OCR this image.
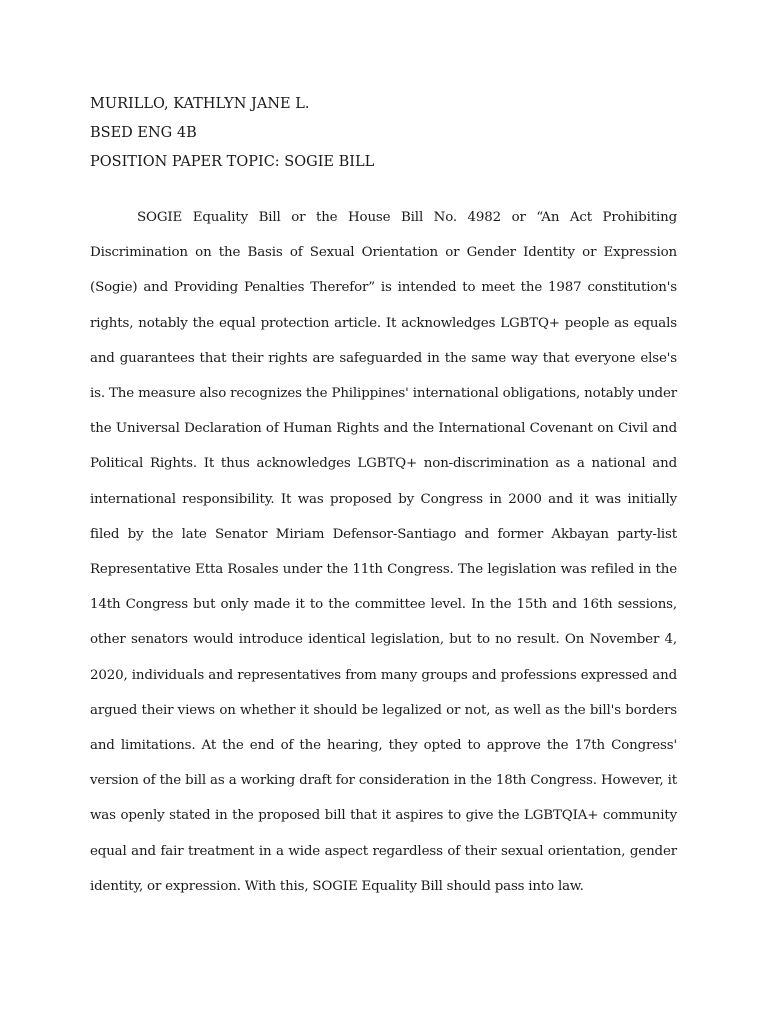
MURILLO, KATHLYN JANE L.

BSED ENG 4B

POSITION PAPER TOPIC: SOGIE BILL

SOGIE Equality Bill or the House Bill No. 4982 or “An Act Prohibiting Discrimination on the Basis of Sexual Orientation or Gender Identity or Expression (Sogie) and Providing Penalties Therefor” is intended to meet the 1987 constitution's rights, notably the equal protection article. It acknowledges LGBTQ+ people as equals and guarantees that their rights are safeguarded in the same way that everyone else's is. The measure also recognizes the Philippines' international obligations, notably under the Universal Declaration of Human Rights and the International Covenant on Civil and Political Rights. It thus acknowledges LGBTQ+ non-discrimination as a national and international responsibility. It was proposed by Congress in 2000 and it was initially filed by the late Senator Miriam Defensor-Santiago and former Akbayan party-list Representative Etta Rosales under the 11th Congress. The legislation was refiled in the 14th Congress but only made it to the committee level. In the 15th and 16th sessions, other senators would introduce identical legislation, but to no result. On November 4, 2020, individuals and representatives from many groups and professions expressed and argued their views on whether it should be legalized or not, as well as the bill's borders and limitations. At the end of the hearing, they opted to approve the 17th Congress' version of the bill as a working draft for consideration in the 18th Congress. However, it was openly stated in the proposed bill that it aspires to give the LGBTQIA+ community equal and fair treatment in a wide aspect regardless of their sexual orientation, gender identity, or expression. With this, SOGIE Equality Bill should pass into law.
